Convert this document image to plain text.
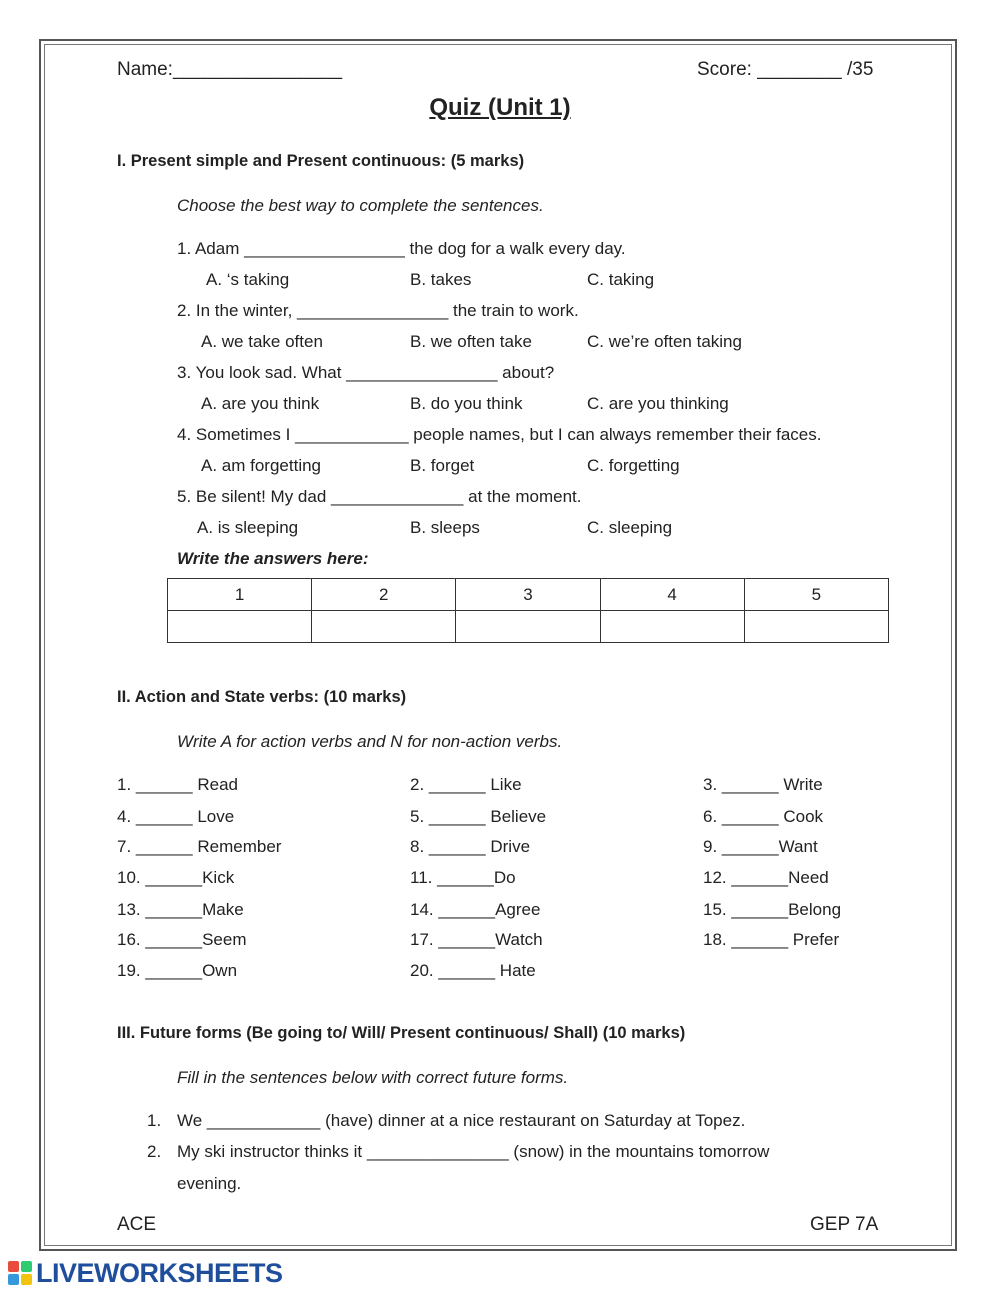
Name:________________	Score: ________ /35
Quiz (Unit 1)
I. Present simple and Present continuous: (5 marks)
Choose the best way to complete the sentences.
1. Adam _________________ the dog for a walk every day.
A. ‘s taking	B. takes	C. taking
2. In the winter, ________________ the train to work.
A. we take often	B. we often take	C. we’re often taking
3. You look sad. What ________________ about?
A. are you think	B. do you think	C. are you thinking
4. Sometimes I ____________ people names, but I can always remember their faces.
A. am forgetting	B. forget	C. forgetting
5. Be silent! My dad ______________ at the moment.
A. is sleeping	B. sleeps	C. sleeping
Write the answers here:
1	2	3	4	5

II. Action and State verbs: (10 marks)
Write A for action verbs and N for non-action verbs.
1. ______ Read	2. ______ Like	3. ______ Write
4. ______ Love	5. ______ Believe	6. ______ Cook
7. ______ Remember	8. ______ Drive	9. ______Want
10. ______Kick	11. ______Do	12. ______Need
13. ______Make	14. ______Agree	15. ______Belong
16. ______Seem	17. ______Watch	18. ______ Prefer
19. ______Own	20. ______ Hate
III. Future forms (Be going to/ Will/ Present continuous/ Shall) (10 marks)
Fill in the sentences below with correct future forms.
1. We ____________ (have) dinner at a nice restaurant on Saturday at Topez.
2. My ski instructor thinks it _______________ (snow) in the mountains tomorrow
evening.
ACE	GEP 7A
LIVEWORKSHEETS
